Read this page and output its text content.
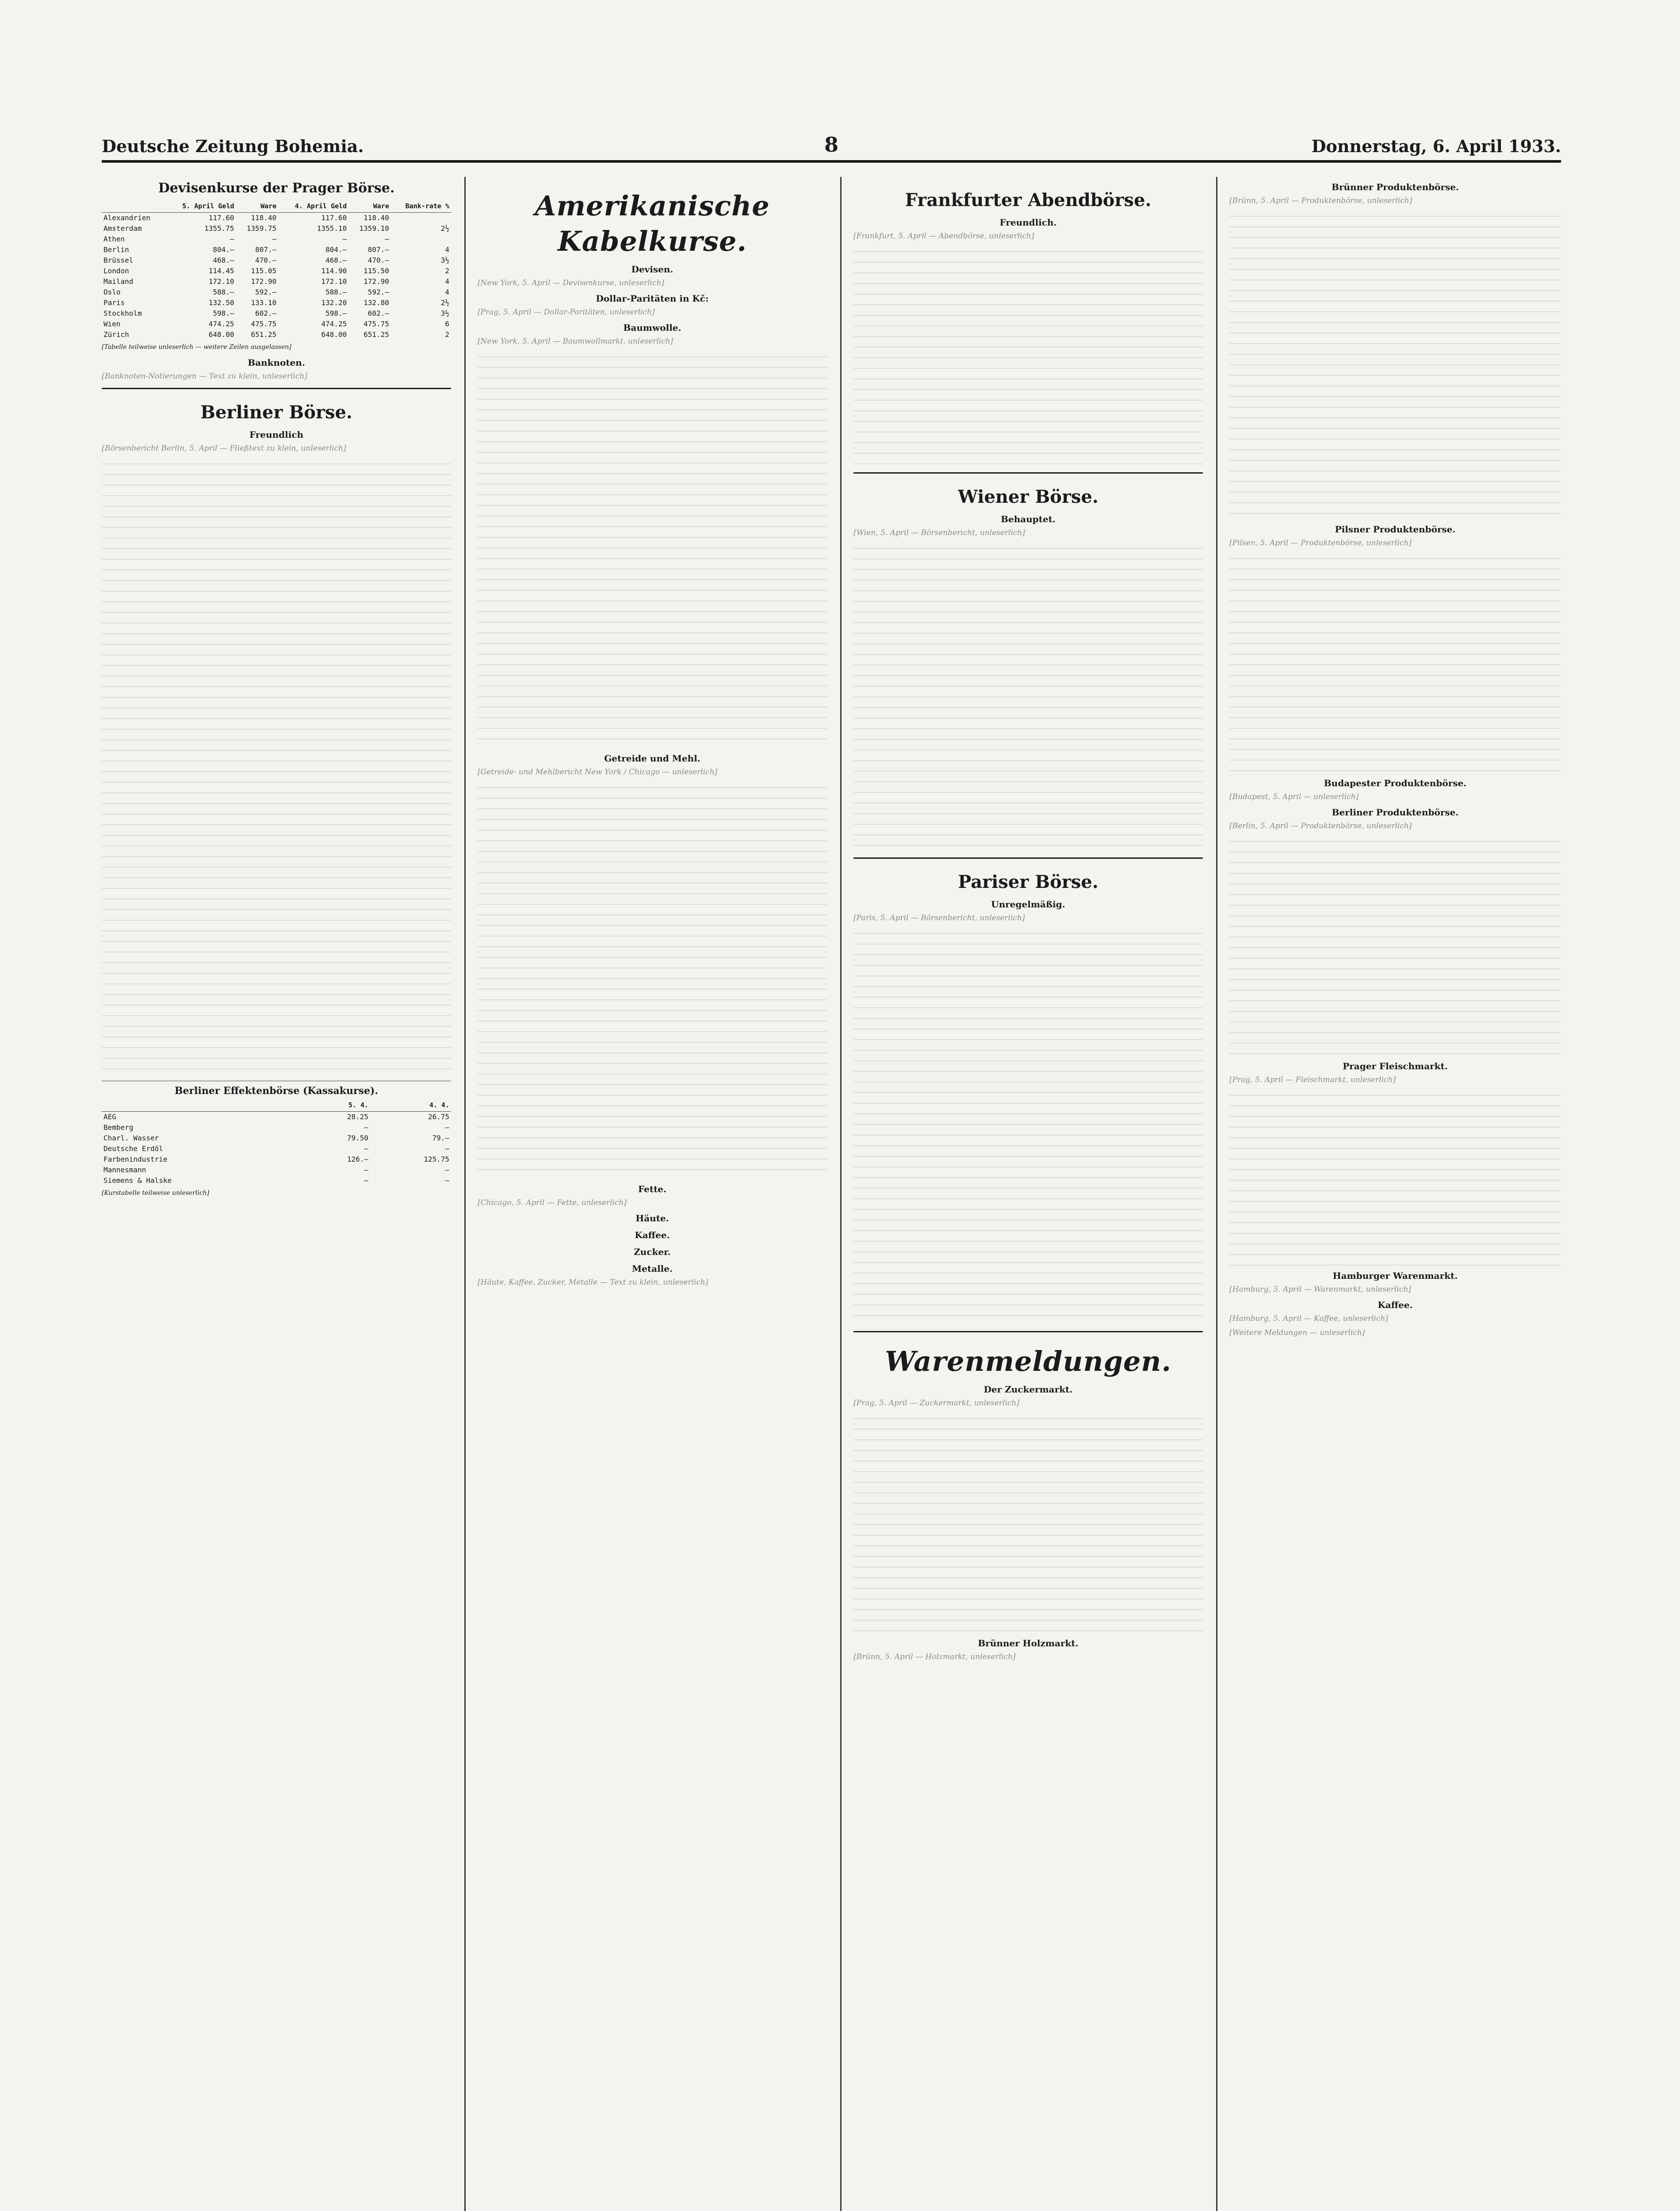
Deutsche Zeitung Bohemia.	8	Donnerstag, 6. April 1933.
Devisenkurse der Prager Börse.
	5. April Geld	Ware	4. April Geld	Ware	Bank-rate %
Alexandrien	117.60	118.40	117.60	118.40	
Amsterdam	1355.75	1359.75	1355.10	1359.10	2½
Athen	—	—	—	—	
Berlin	804.—	807.—	804.—	807.—	4
Brüssel	468.—	470.—	468.—	470.—	3½
London	114.45	115.05	114.90	115.50	2
Mailand	172.10	172.90	172.10	172.90	4
Oslo	588.—	592.—	588.—	592.—	4
Paris	132.50	133.10	132.20	132.80	2½
Stockholm	598.—	602.—	598.—	602.—	3½
Wien	474.25	475.75	474.25	475.75	6
Zürich	648.00	651.25	648.00	651.25	2
[Tabelle teilweise unleserlich — weitere Zeilen ausgelassen]
Banknoten.
[Banknoten-Notierungen — Text zu klein, unleserlich]
Berliner Börse.
Freundlich
[Börsenbericht Berlin, 5. April — Fließtext zu klein, unleserlich]
Berliner Effektenbörse (Kassakurse).
	5. 4.	4. 4.
AEG	28.25	26.75
Bemberg	—	—
Charl. Wasser	79.50	79.—
Deutsche Erdöl	—	—
Farbenindustrie	126.—	125.75
Mannesmann	—	—
Siemens & Halske	—	—
[Kurstabelle teilweise unleserlich]
Amerikanische Kabelkurse.
Devisen.
[New York, 5. April — Devisenkurse, unleserlich]
Dollar-Paritäten in Kč:
[Prag, 5. April — Dollar-Paritäten, unleserlich]
Baumwolle.
[New York, 5. April — Baumwollmarkt, unleserlich]
Getreide und Mehl.
[Getreide- und Mehlbericht New York / Chicago — unleserlich]
Fette.
[Chicago, 5. April — Fette, unleserlich]
Häute.
Kaffee.
Zucker.
Metalle.
[Häute, Kaffee, Zucker, Metalle — Text zu klein, unleserlich]
Frankfurter Abendbörse.
Freundlich.
[Frankfurt, 5. April — Abendbörse, unleserlich]
Wiener Börse.
Behauptet.
[Wien, 5. April — Börsenbericht, unleserlich]
Pariser Börse.
Unregelmäßig.
[Paris, 5. April — Börsenbericht, unleserlich]
Warenmeldungen.
Der Zuckermarkt.
[Prag, 5. April — Zuckermarkt, unleserlich]
Brünner Holzmarkt.
[Brünn, 5. April — Holzmarkt, unleserlich]
Brünner Produktenbörse.
[Brünn, 5. April — Produktenbörse, unleserlich]
Pilsner Produktenbörse.
[Pilsen, 5. April — Produktenbörse, unleserlich]
Budapester Produktenbörse.
[Budapest, 5. April — unleserlich]
Berliner Produktenbörse.
[Berlin, 5. April — Produktenbörse, unleserlich]
Prager Fleischmarkt.
[Prag, 5. April — Fleischmarkt, unleserlich]
Hamburger Warenmarkt.
[Hamburg, 5. April — Warenmarkt, unleserlich]
Kaffee.
[Hamburg, 5. April — Kaffee, unleserlich]
[Weitere Meldungen — unleserlich]
